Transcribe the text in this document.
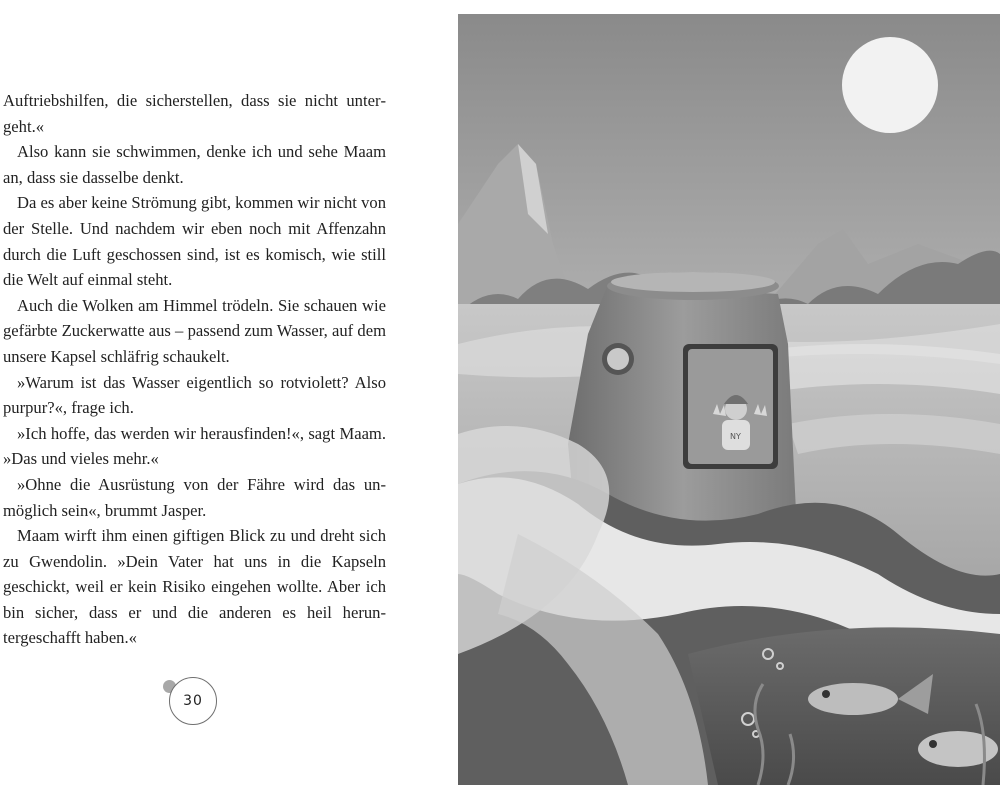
Auftriebshilfen, die sicherstellen, dass sie nicht untergeht.«

Also kann sie schwimmen, denke ich und sehe Maam an, dass sie dasselbe denkt.

Da es aber keine Strömung gibt, kommen wir nicht von der Stelle. Und nachdem wir eben noch mit Affenzahn durch die Luft geschossen sind, ist es komisch, wie still die Welt auf einmal steht.

Auch die Wolken am Himmel trödeln. Sie schauen wie gefärbte Zuckerwatte aus – passend zum Wasser, auf dem unsere Kapsel schläfrig schaukelt.

»Warum ist das Wasser eigentlich so rotviolett? Also purpur?«, frage ich.

»Ich hoffe, das werden wir herausfinden!«, sagt Maam. »Das und vieles mehr.«

»Ohne die Ausrüstung von der Fähre wird das unmöglich sein«, brummt Jasper.

Maam wirft ihm einen giftigen Blick zu und dreht sich zu Gwendolin. »Dein Vater hat uns in die Kapseln geschickt, weil er kein Risiko eingehen wollte. Aber ich bin sicher, dass er und die anderen es heil heruntergeschafft haben.«

30
NY
